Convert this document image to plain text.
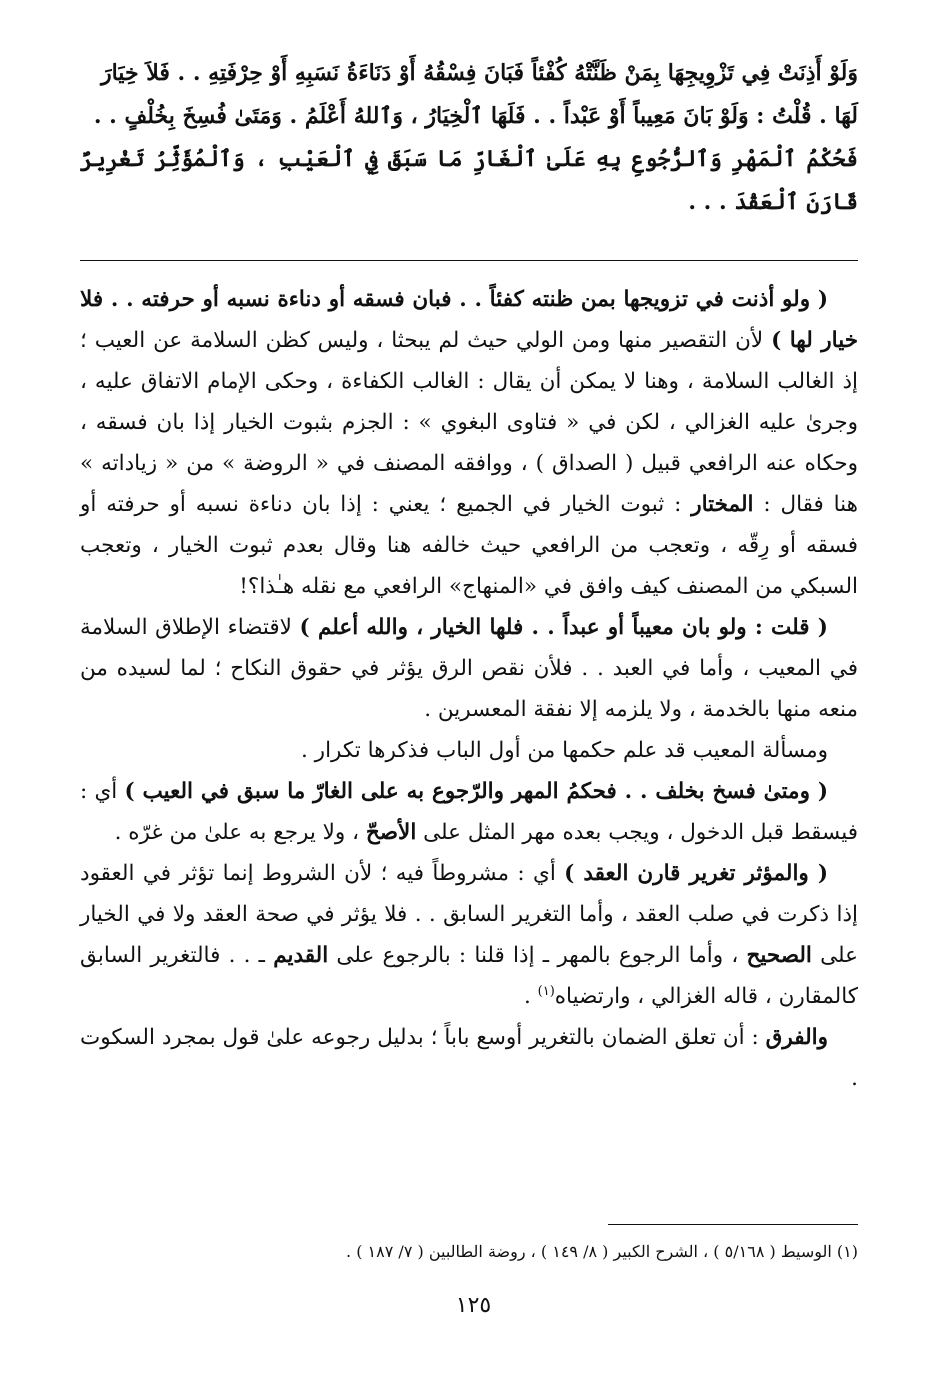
وَلَوْ أَذِنَتْ فِي تَزْوِيجِهَا بِمَنْ ظَنَّتْهُ كُفْئاً فَبَانَ فِسْقُهُ أَوْ دَنَاءَةُ نَسَبِهِ أَوْ حِرْفَتِهِ . . فَلاَ خِيَارَ

لَهَا . قُلْتُ : وَلَوْ بَانَ مَعِيباً أَوْ عَبْداً . . فَلَهَا ٱلْخِيَارُ ، وَٱللهُ أَعْلَمُ . وَمَتَىٰ فُسِخَ بِخُلْفٍ . .

فَحُكْمُ ٱلْمَهْرِ وَٱلرُّجُوعِ بِهِ عَلَىٰ ٱلْغَارِّ مَا سَبَقَ فِي ٱلْعَيْبِ ، وَٱلْمُؤَثِّرُ تَغْرِيرٌ قَارَنَ ٱلْعَقْدَ . . .

( ولو أذنت في تزويجها بمن ظنته كفئاً . . فبان فسقه أو دناءة نسبه أو حرفته . . فلا خيار لها ) لأن التقصير منها ومن الولي حيث لم يبحثا ، وليس كظن السلامة عن العيب ؛ إذ الغالب السلامة ، وهنا لا يمكن أن يقال : الغالب الكفاءة ، وحكى الإمام الاتفاق عليه ، وجرىٰ عليه الغزالي ، لكن في « فتاوى البغوي » : الجزم بثبوت الخيار إذا بان فسقه ، وحكاه عنه الرافعي قبيل ( الصداق ) ، ووافقه المصنف في « الروضة » من « زياداته » هنا فقال : المختار : ثبوت الخيار في الجميع ؛ يعني : إذا بان دناءة نسبه أو حرفته أو فسقه أو رِقّه ، وتعجب من الرافعي حيث خالفه هنا وقال بعدم ثبوت الخيار ، وتعجب السبكي من المصنف كيف وافق في «المنهاج» الرافعي مع نقله هـٰذا؟!

( قلت : ولو بان معيباً أو عبداً . . فلها الخيار ، والله أعلم ) لاقتضاء الإطلاق السلامة في المعيب ، وأما في العبد . . فلأن نقص الرق يؤثر في حقوق النكاح ؛ لما لسيده من منعه منها بالخدمة ، ولا يلزمه إلا نفقة المعسرين .

ومسألة المعيب قد علم حكمها من أول الباب فذكرها تكرار .

( ومتىٰ فسخ بخلف . . فحكمُ المهر والرّجوع به على الغارّ ما سبق في العيب ) أي : فيسقط قبل الدخول ، ويجب بعده مهر المثل على الأصحّ ، ولا يرجع به علىٰ من غرّه .

( والمؤثر تغرير قارن العقد ) أي : مشروطاً فيه ؛ لأن الشروط إنما تؤثر في العقود إذا ذكرت في صلب العقد ، وأما التغرير السابق . . فلا يؤثر في صحة العقد ولا في الخيار على الصحيح ، وأما الرجوع بالمهر ـ إذا قلنا : بالرجوع على القديم ـ . . فالتغرير السابق كالمقارن ، قاله الغزالي ، وارتضياه$^{(١)}$ .

والفرق : أن تعلق الضمان بالتغرير أوسع باباً ؛ بدليل رجوعه علىٰ قول بمجرد السكوت .

(١) الوسيط ( ٥/١٦٨ ) ، الشرح الكبير ( ٨/ ١٤٩ ) ، روضة الطالبين ( ٧/ ١٨٧ ) .
١٢٥
